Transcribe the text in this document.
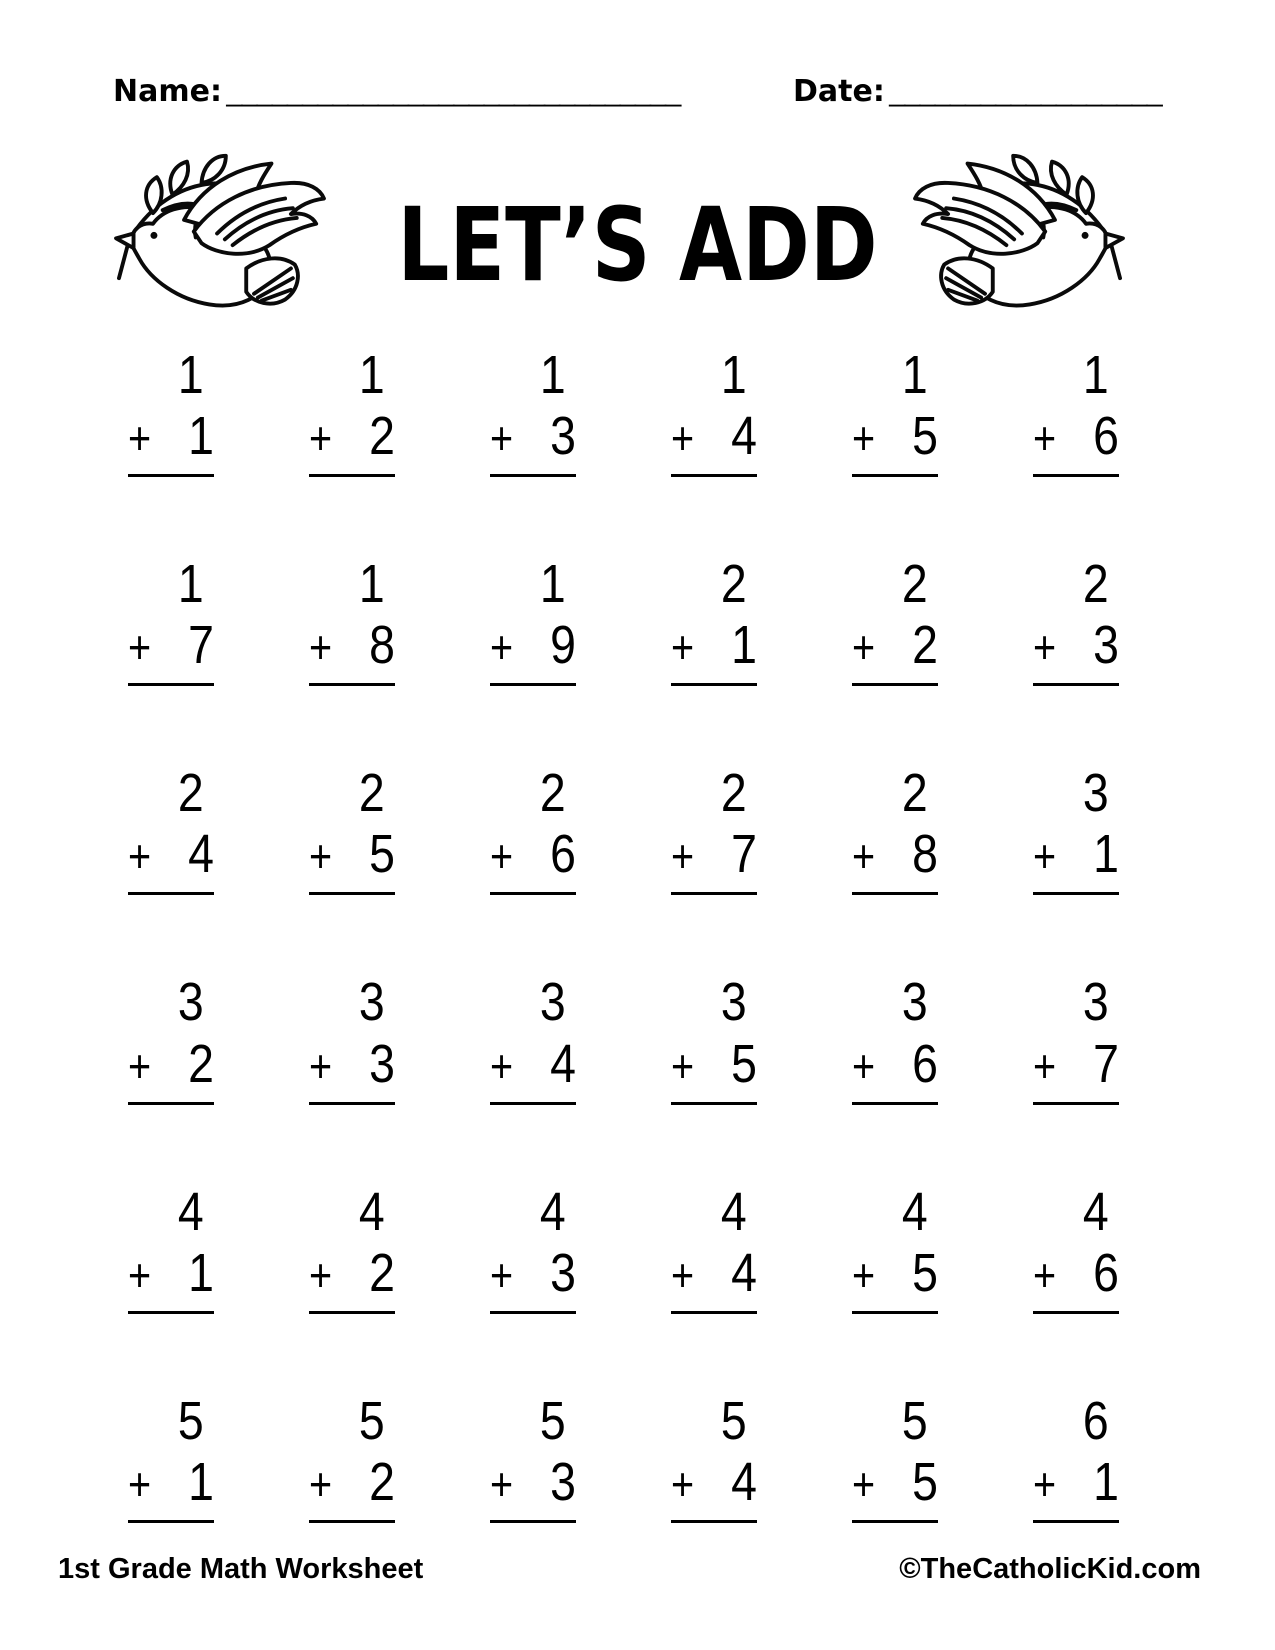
Name: ______________________________	Date: __________________
LET’S ADD
1
+ 1
1
+ 2
1
+ 3
1
+ 4
1
+ 5
1
+ 6
1
+ 7
1
+ 8
1
+ 9
2
+ 1
2
+ 2
2
+ 3
2
+ 4
2
+ 5
2
+ 6
2
+ 7
2
+ 8
3
+ 1
3
+ 2
3
+ 3
3
+ 4
3
+ 5
3
+ 6
3
+ 7
4
+ 1
4
+ 2
4
+ 3
4
+ 4
4
+ 5
4
+ 6
5
+ 1
5
+ 2
5
+ 3
5
+ 4
5
+ 5
6
+ 1
1st Grade Math Worksheet	©TheCatholicKid.com
